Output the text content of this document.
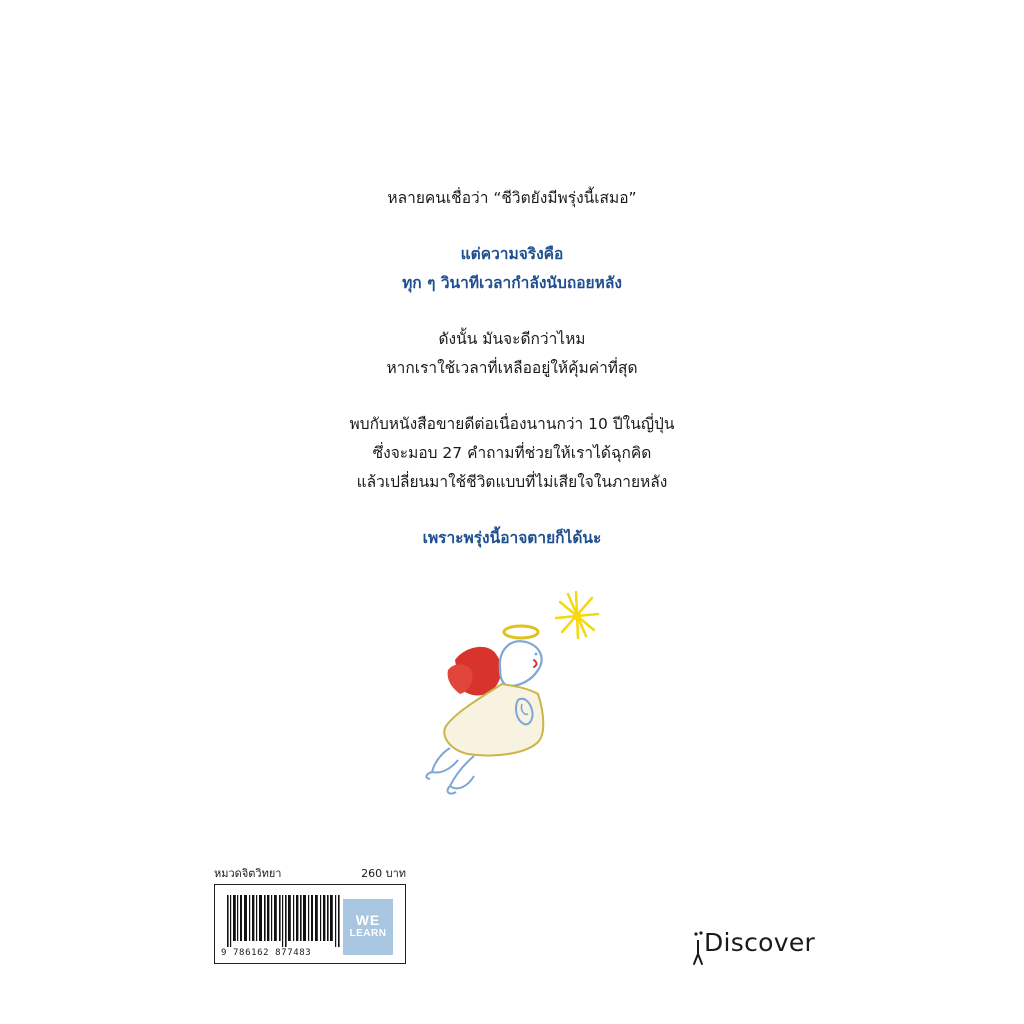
หลายคนเชื่อว่า “ชีวิตยังมีพรุ่งนี้เสมอ”
แต่ความจริงคือ
ทุก ๆ วินาทีเวลากำลังนับถอยหลัง
ดังนั้น มันจะดีกว่าไหม
หากเราใช้เวลาที่เหลืออยู่ให้คุ้มค่าที่สุด
พบกับหนังสือขายดีต่อเนื่องนานกว่า 10 ปีในญี่ปุ่น
ซึ่งจะมอบ 27 คำถามที่ช่วยให้เราได้ฉุกคิด
แล้วเปลี่ยนมาใช้ชีวิตแบบที่ไม่เสียใจในภายหลัง
เพราะพรุ่งนี้อาจตายก็ได้นะ
หมวดจิตวิทยา	260 บาท
9 786162 877483
WE
LEARN	Discover
